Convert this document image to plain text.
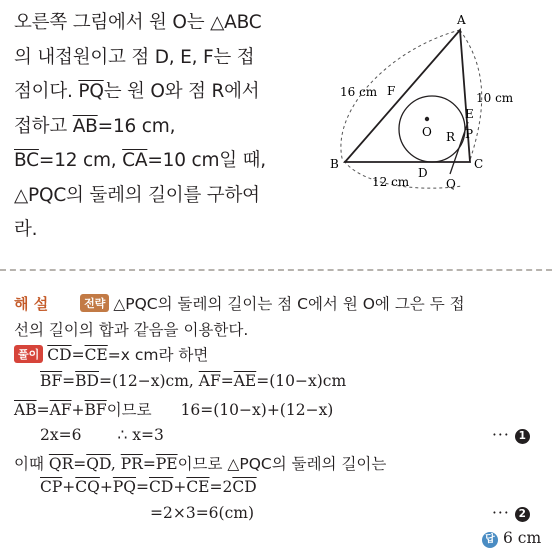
오른쪽 그림에서 원 O는 △ABC
의 내접원이고 점 D, E, F는 접
점이다. $\overline{PQ}$는 원 O와 점 R에서
접하고 $\overline{AB}=16$ cm,
$\overline{BC}=12$ cm, $\overline{CA}=10$ cm일 때,
△PQC의 둘레의 길이를 구하여
라.
A
B	C
D
E
F
O	P
Q
R
16 cm	10 cm
12 cm
해 설	전략 △PQC의 둘레의 길이는 점 C에서 원 O에 그은 두 접
선의 길이의 합과 같음을 이용한다.
풀이 $\overline{CD}=\overline{CE}=x$ cm라 하면
$\overline{BF}=\overline{BD}=(12-x)cm$, $\overline{AF}=\overline{AE}=(10-x)cm$
$\overline{AB}=\overline{AF}+\overline{BF}$이므로 16=(10−x)+(12−x)
2x=6 ∴ x=3	··· 1
이때 $\overline{QR}=\overline{QD}$, $\overline{PR}=\overline{PE}$이므로 △PQC의 둘레의 길이는
$\overline{CP}+\overline{CQ}+\overline{PQ}=\overline{CD}+\overline{CE}=2\overline{CD}$
=2×3=6(cm)	··· 2
답 6 cm
